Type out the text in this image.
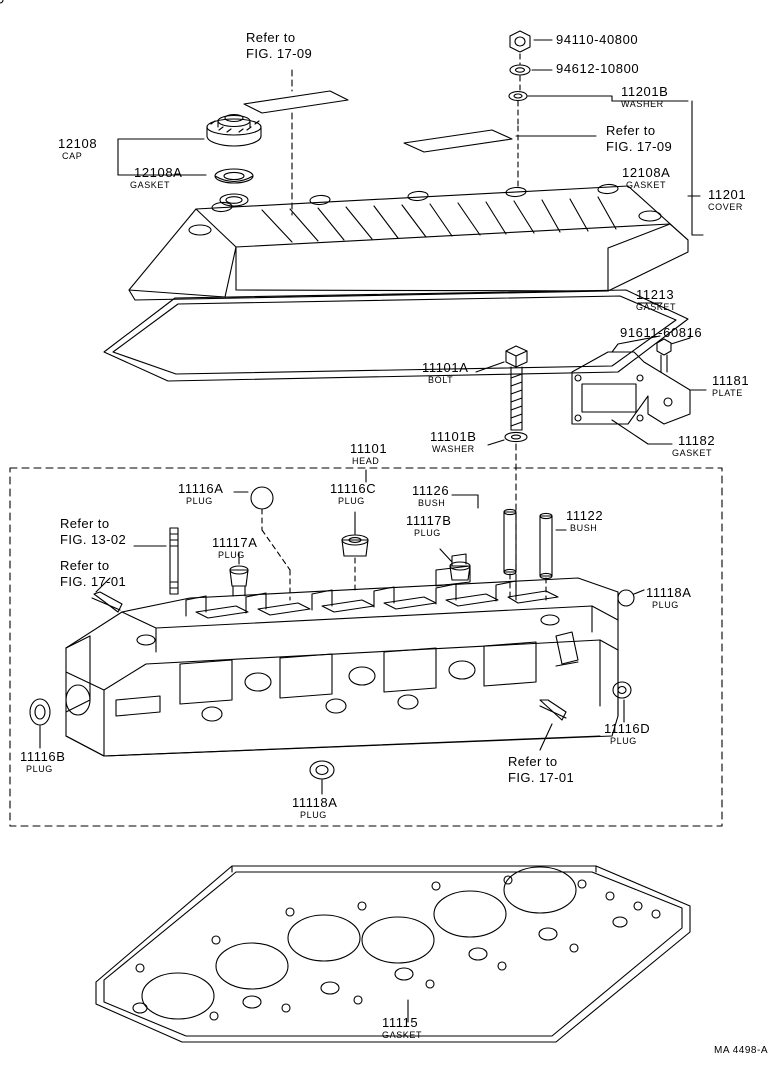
Refer to
FIG. 17-09
94110-40800
94612-10800
11201B
WASHER
Refer to
FIG. 17-09
12108
CAP
12108A
GASKET
12108A
GASKET
11201
COVER
11213
GASKET
91611-60816
11101A
BOLT
11101B
WASHER
11181
PLATE
11182
GASKET
11101
HEAD
11116A
PLUG
11116C
PLUG
11126
BUSH
11117B
PLUG
11122
BUSH
11117A
PLUG
11118A
PLUG
11116D
PLUG
11116B
PLUG
11118A
PLUG
Refer to
FIG. 13-02
Refer to
FIG. 17-01
Refer to
FIG. 17-01
11115
GASKET
MA 4498-A
